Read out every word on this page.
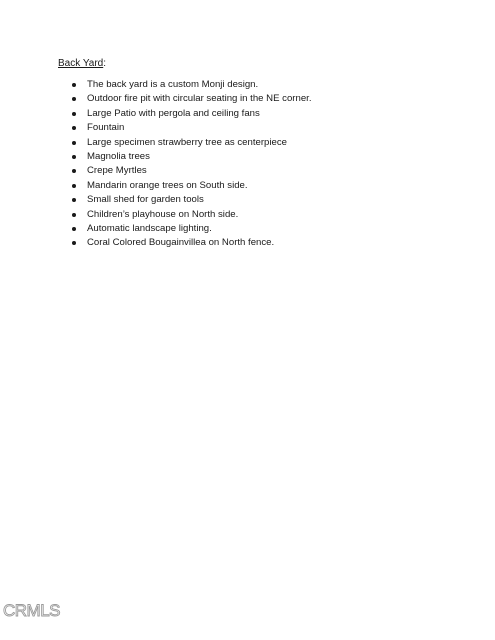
Back Yard:

The back yard is a custom Monji design.
Outdoor fire pit with circular seating in the NE corner.
Large Patio with pergola and ceiling fans
Fountain
Large specimen strawberry tree as centerpiece
Magnolia trees
Crepe Myrtles
Mandarin orange trees on South side.
Small shed for garden tools
Children’s playhouse on North side.
Automatic landscape lighting.
Coral Colored Bougainvillea on North fence.
CRMLS
